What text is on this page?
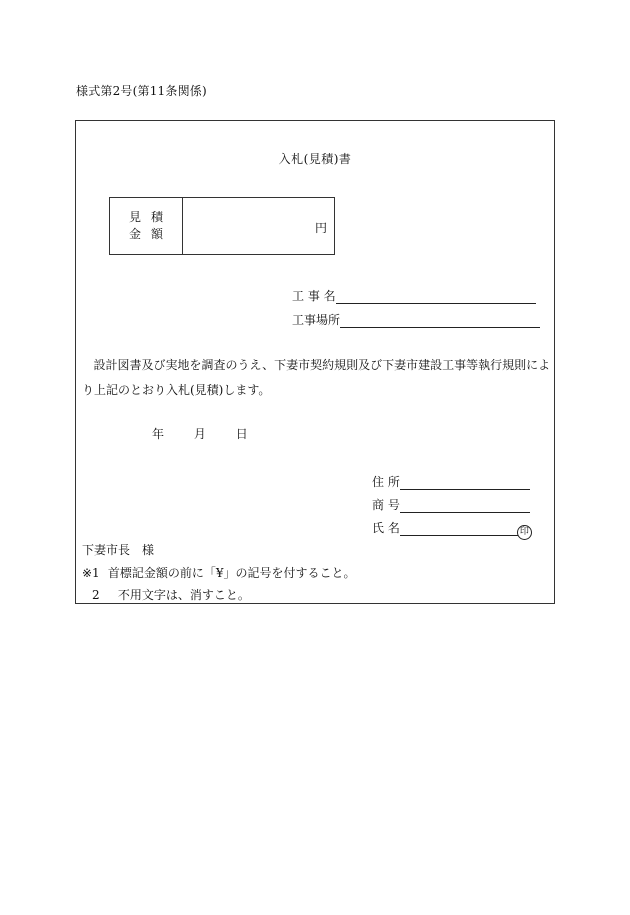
様式第2号(第11条関係)
入札(見積)書
見積
金額	円
工 事 名
工事場所
設計図書及び実地を調査のうえ、下妻市契約規則及び下妻市建設工事等執行規則により上記のとおり入札(見積)します。
年 月 日
住 所
商 号
氏 名	印
下妻市長　様
※1 首標記金額の前に「¥」の記号を付すること。
2 不用文字は、消すこと。
